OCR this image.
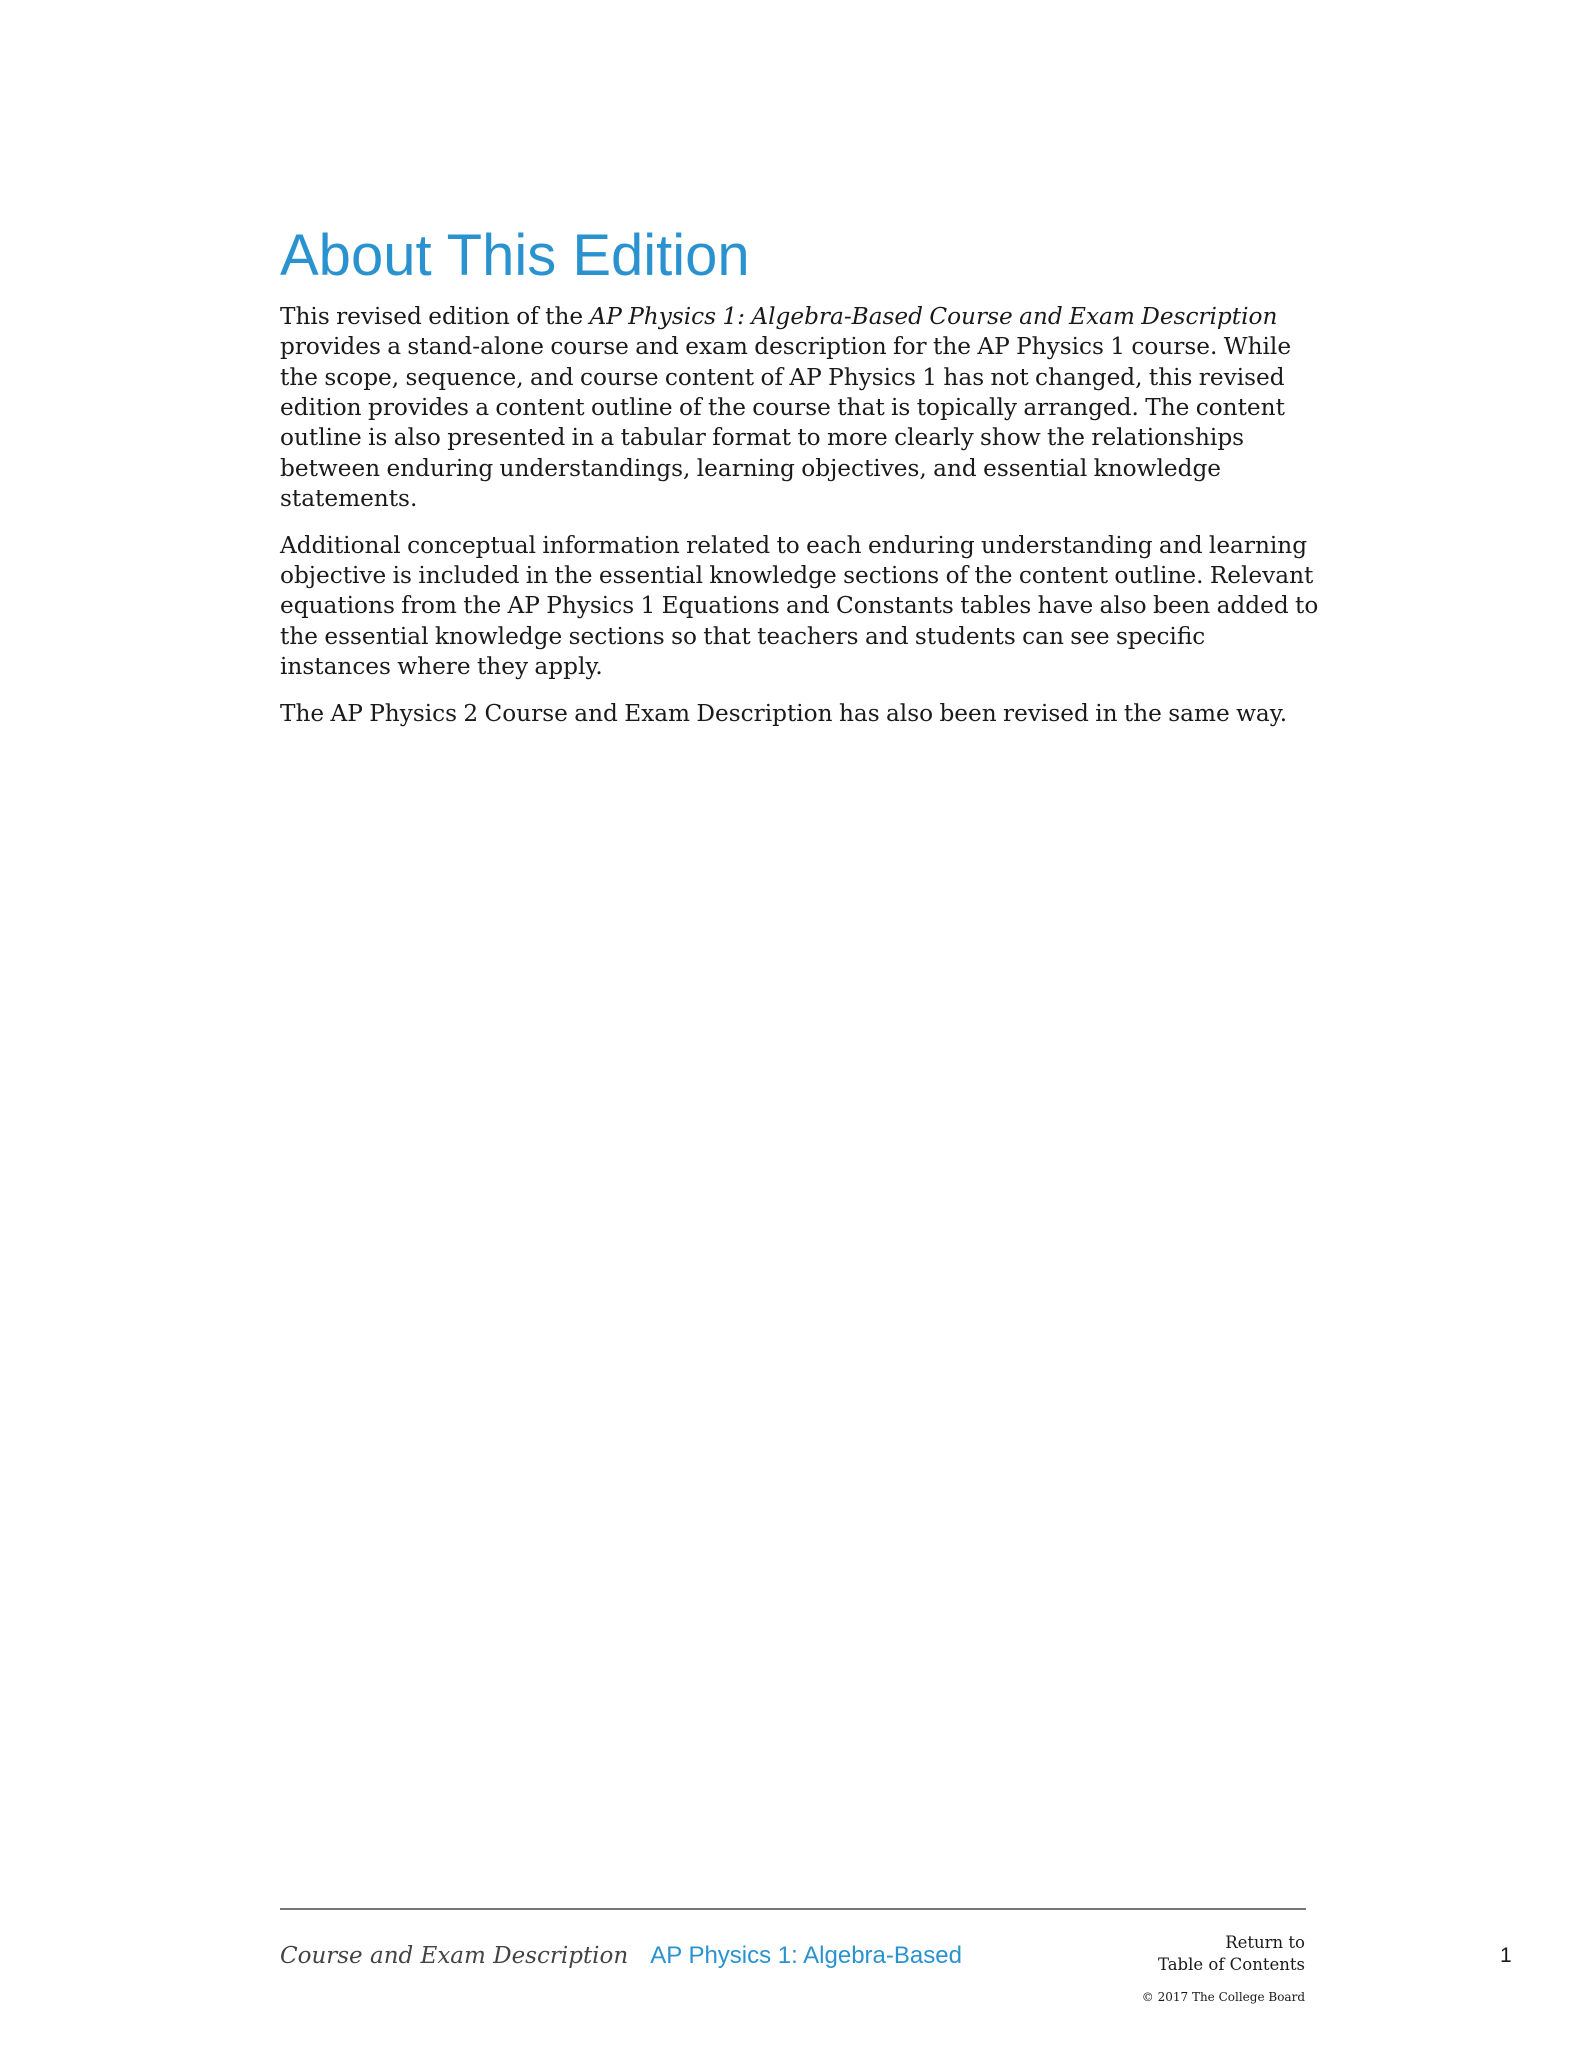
About This Edition

This revised edition of the AP Physics 1: Algebra-Based Course and Exam Description provides a stand-alone course and exam description for the AP Physics 1 course. While the scope, sequence, and course content of AP Physics 1 has not changed, this revised edition provides a content outline of the course that is topically arranged. The content outline is also presented in a tabular format to more clearly show the relationships between enduring understandings, learning objectives, and essential knowledge statements.

Additional conceptual information related to each enduring understanding and learning objective is included in the essential knowledge sections of the content outline. Relevant equations from the AP Physics 1 Equations and Constants tables have also been added to the essential knowledge sections so that teachers and students can see specific instances where they apply.

The AP Physics 2 Course and Exam Description has also been revised in the same way.

Course and Exam Description AP Physics 1: Algebra-Based	Return to
Table of Contents
© 2017 The College Board
1
